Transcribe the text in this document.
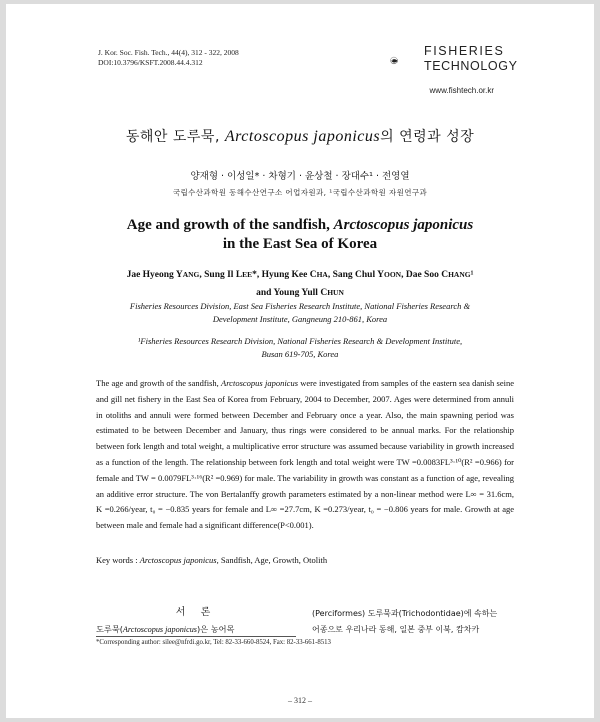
J. Kor. Soc. Fish. Tech., 44(4), 312 - 322, 2008
DOI:10.3796/KSFT.2008.44.4.312
FISHERIES
TECHNOLOGY
www.fishtech.or.kr
동해안 도루묵, Arctoscopus japonicus의 연령과 성장
양재형 · 이성일* · 차형기 · 윤상철 · 장대수¹ · 전영열
국립수산과학원 동해수산연구소 어업자원과, ¹국립수산과학원 자원연구과
Age and growth of the sandfish, Arctoscopus japonicus
in the East Sea of Korea
Jae Hyeong YANG, Sung Il LEE*, Hyung Kee CHA, Sang Chul YOON, Dae Soo CHANG¹
and Young Yull CHUN
Fisheries Resources Division, East Sea Fisheries Research Institute, National Fisheries Research &
Development Institute, Gangneung 210-861, Korea
¹Fisheries Resources Research Division, National Fisheries Research & Development Institute,
Busan 619-705, Korea
The age and growth of the sandfish, Arctoscopus japonicus were investigated from samples of the eastern sea danish seine and gill net fishery in the East Sea of Korea from February, 2004 to December, 2007. Ages were determined from annuli in otoliths and annuli were formed between December and February once a year. Also, the main spawning period was estimated to be between December and January, thus rings were considered to be annual marks. For the relationship between fork length and total weight, a multiplicative error structure was assumed because variability in growth increased as a function of the length. The relationship between fork length and total weight were TW =0.0083FL³·¹⁰(R² =0.966) for female and TW = 0.0079FL³·¹⁶(R² =0.969) for male. The variability in growth was constant as a function of age, revealing an additive error structure. The von Bertalanffy growth parameters estimated by a non-linear method were L∞ = 31.6cm, K =0.266/year, t₀ = −0.835 years for female and L∞ =27.7cm, K =0.273/year, t₀ = −0.806 years for male. Growth at age between male and female had a significant difference(P<0.001).
Key words : Arctoscopus japonicus, Sandfish, Age, Growth, Otolith
서 론
도루묵(Arctoscopus japonicus)은 농어목
(Perciformes) 도루묵과(Trichodontidae)에 속하는
어종으로 우리나라 동해, 일본 중부 이북, 캄차카
*Corresponding author: silee@nfrdi.go.kr, Tel: 82-33-660-8524, Fax: 82-33-661-8513
– 312 –
